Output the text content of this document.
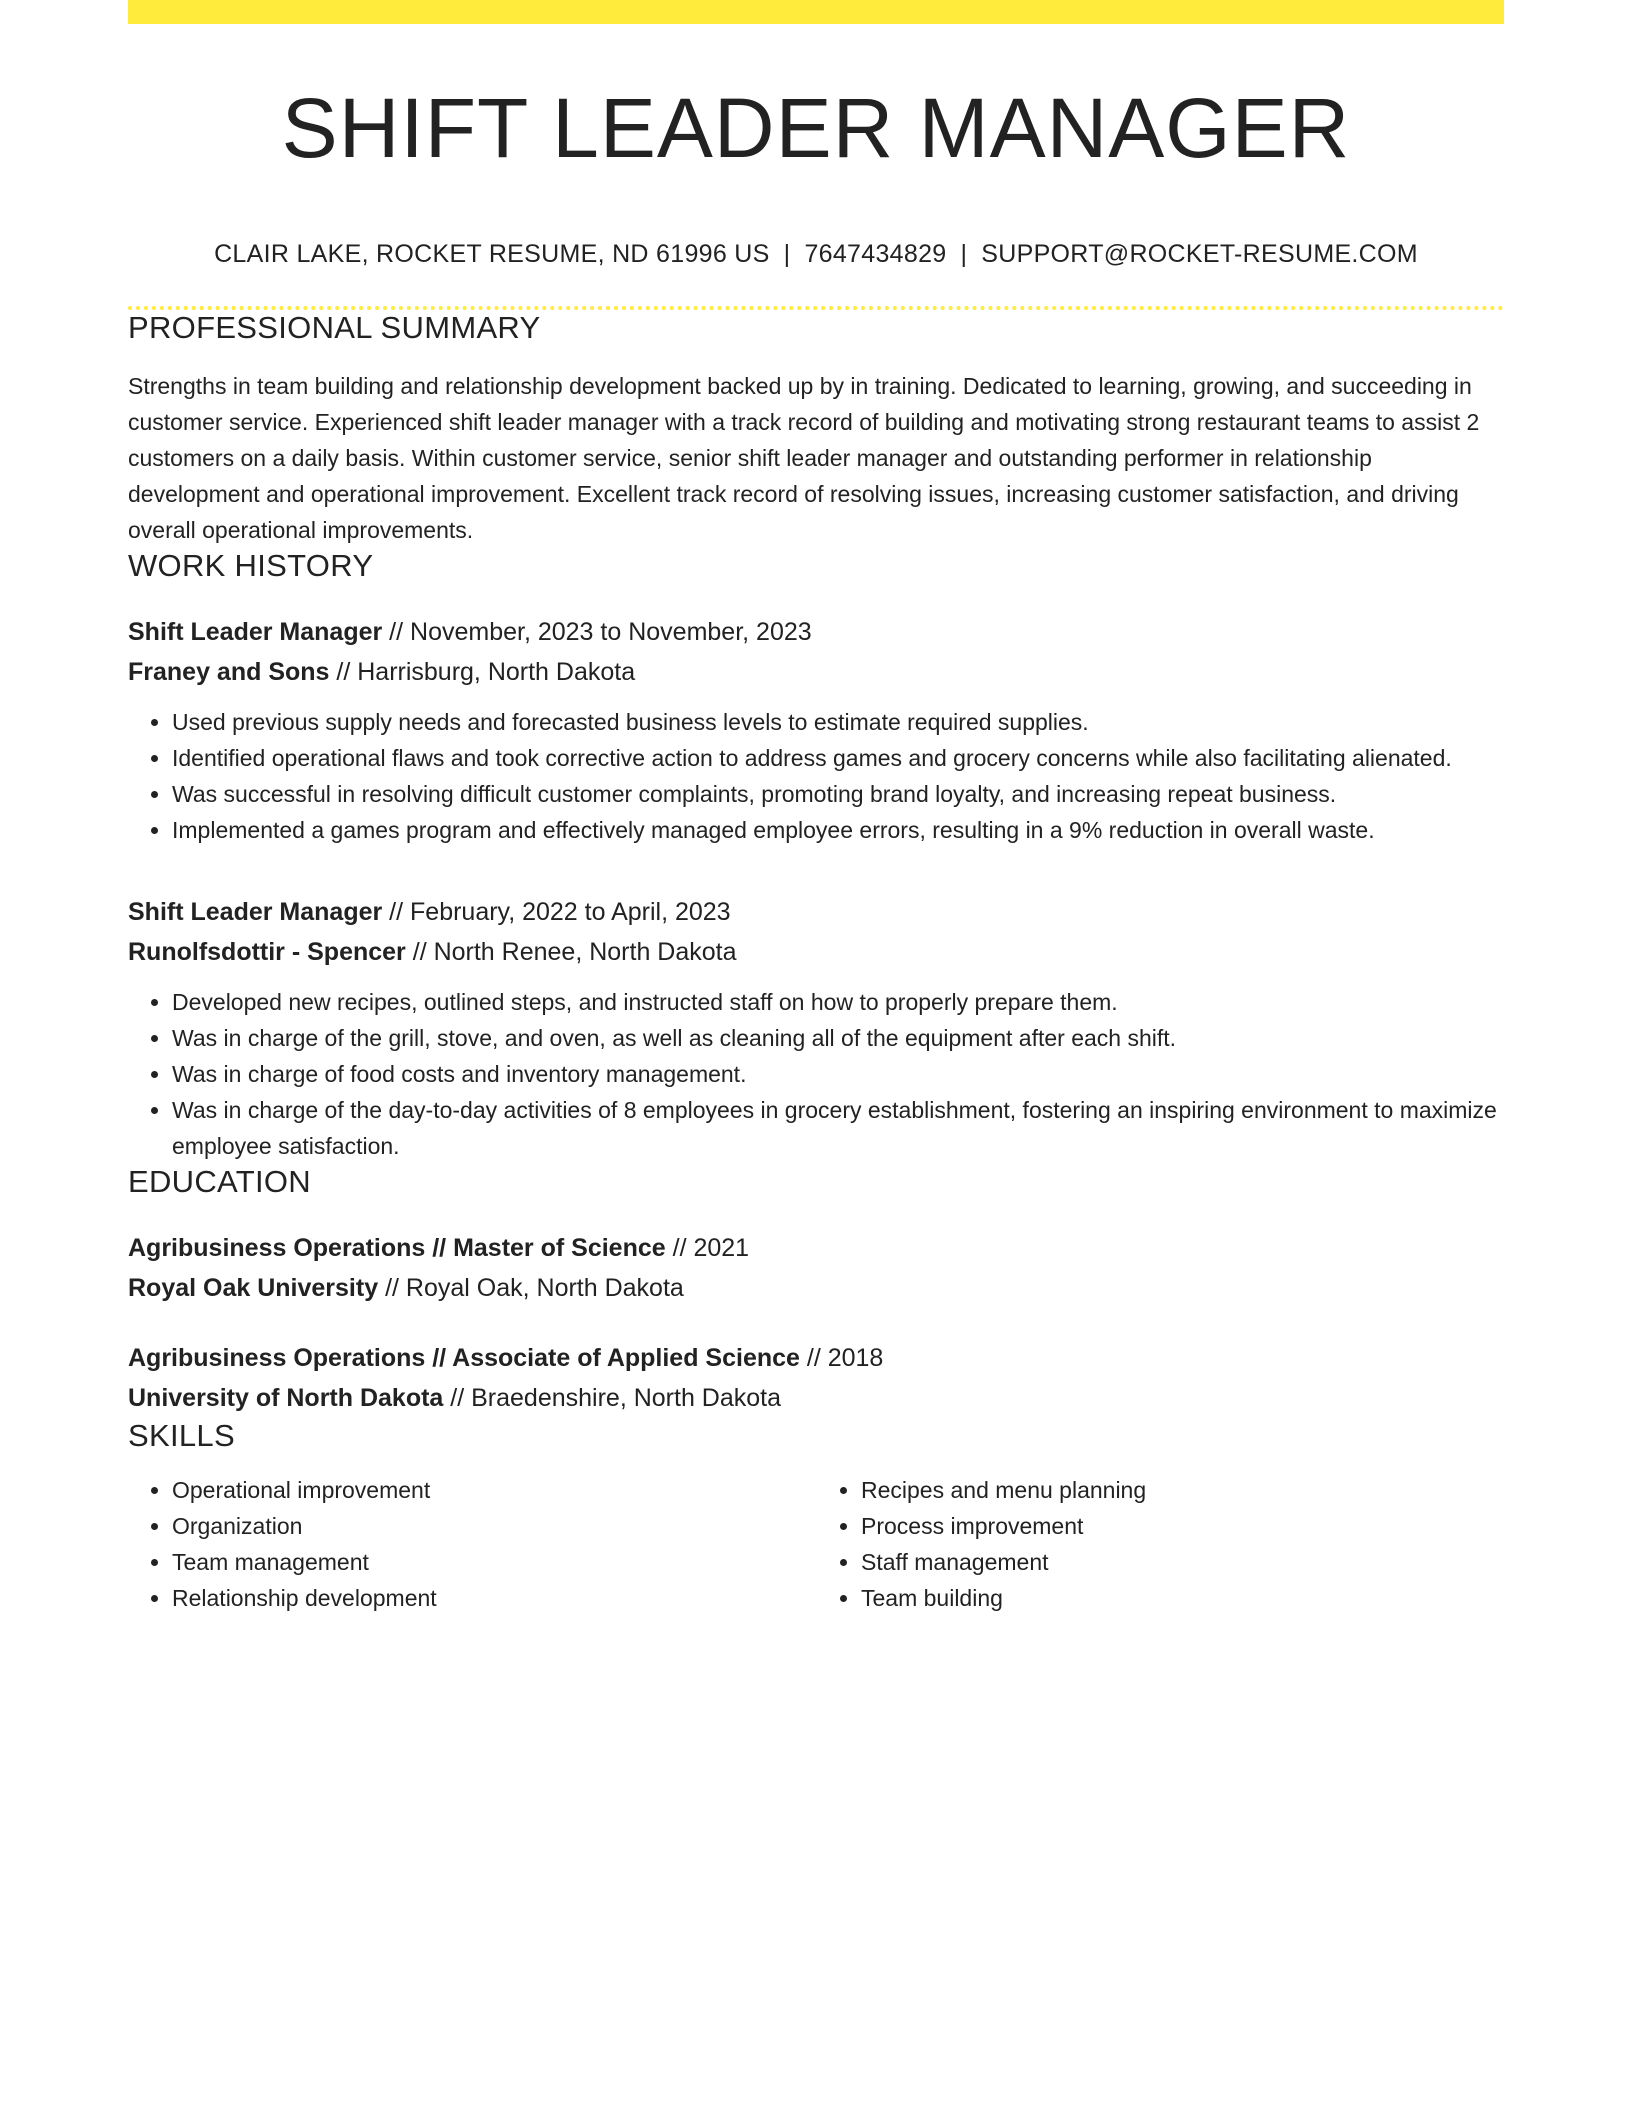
SHIFT LEADER MANAGER
CLAIR LAKE, ROCKET RESUME, ND 61996 US | 7647434829 | SUPPORT@ROCKET-RESUME.COM
PROFESSIONAL SUMMARY
Strengths in team building and relationship development backed up by in training. Dedicated to learning, growing, and succeeding in customer service. Experienced shift leader manager with a track record of building and motivating strong restaurant teams to assist 2 customers on a daily basis. Within customer service, senior shift leader manager and outstanding performer in relationship development and operational improvement. Excellent track record of resolving issues, increasing customer satisfaction, and driving overall operational improvements.
WORK HISTORY
Shift Leader Manager // November, 2023 to November, 2023
Franey and Sons // Harrisburg, North Dakota
• Used previous supply needs and forecasted business levels to estimate required supplies.
• Identified operational flaws and took corrective action to address games and grocery concerns while also facilitating alienated.
• Was successful in resolving difficult customer complaints, promoting brand loyalty, and increasing repeat business.
• Implemented a games program and effectively managed employee errors, resulting in a 9% reduction in overall waste.
Shift Leader Manager // February, 2022 to April, 2023
Runolfsdottir - Spencer // North Renee, North Dakota
• Developed new recipes, outlined steps, and instructed staff on how to properly prepare them.
• Was in charge of the grill, stove, and oven, as well as cleaning all of the equipment after each shift.
• Was in charge of food costs and inventory management.
• Was in charge of the day-to-day activities of 8 employees in grocery establishment, fostering an inspiring environment to maximize employee satisfaction.
EDUCATION
Agribusiness Operations // Master of Science // 2021
Royal Oak University // Royal Oak, North Dakota
Agribusiness Operations // Associate of Applied Science // 2018
University of North Dakota // Braedenshire, North Dakota
SKILLS
• Operational improvement
• Organization
• Team management
• Relationship development
• Recipes and menu planning
• Process improvement
• Staff management
• Team building
